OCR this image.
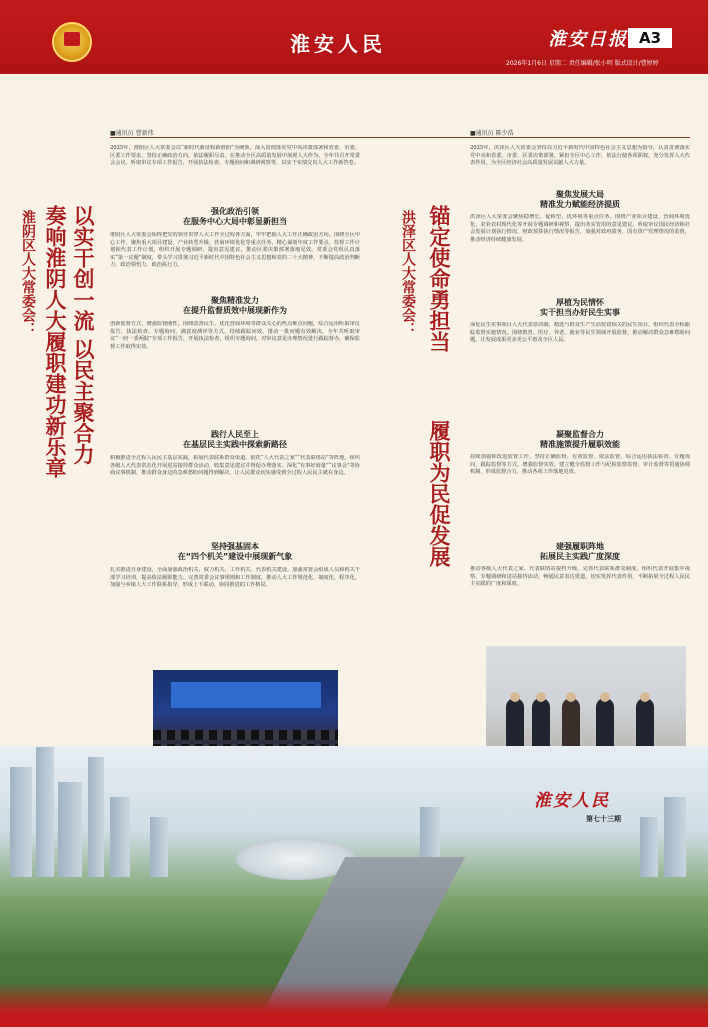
淮安人民	淮安日报 A3
2026年1月6日 星期二 责任编辑/张小明 版式设计/曹婷婷
■通讯员 曹新伟
淮阴区人大常委会： 奏响淮阴人大履职建功新乐章 以实干创一流 以民主聚合力
2025年，淮阴区人大常委会以“新时代新征程新淮阴”为统领，深入贯彻落实党中央决策部署和省委、市委、区委工作要求，坚持正确政治方向，依法履职尽责，在推动全区高质量发展中展现人大作为。全年共召开常委会会议，听取审议专项工作报告，开展执法检查、专题询问和调研视察等，以实干实绩交出人大工作新答卷。
强化政治引领
在服务中心大局中彰显新担当
淮阴区人大常委会始终把党的领导贯穿人大工作全过程各方面，牢牢把握人大工作正确政治方向。围绕全区中心工作，聚焦重大项目建设、产业转型升级、营商环境优化等重点任务，精心谋划年度工作要点、监督工作计划和代表工作计划，组织开展专题调研，提出意见建议，推动区委决策部署落地见效。常委会党组认真落实“第一议题”制度，带头学习贯彻习近平新时代中国特色社会主义思想和党的二十大精神，不断提高政治判断力、政治领悟力、政治执行力。
聚焦精准发力
在提升监督质效中展现新作为
创新监督方式，增强监督刚性。围绕改善民生、优化营商环境等群众关心的热点难点问题，综合运用听取审议报告、执法检查、专题询问、满意度测评等方式，持续跟踪问效，推动一批问题有效解决。全年共听取审议“一府一委两院”专项工作报告，开展执法检查，组织专题询问，对审议意见办理情况进行跟踪督办，确保监督工作取得实效。
践行人民至上
在基层民主实践中探索新路径
积极推进全过程人民民主基层实践，拓展代表联系群众渠道。依托“人大代表之家”“代表联络站”等阵地，组织各级人大代表常态化开展进站接待群众活动，收集意见建议并督促办理落实。深化“有事好商量”“议事会”等协商议事机制，推动群众身边的急难愁盼问题得到解决，让人民群众切实感受到全过程人民民主就在身边。
坚持强基固本
在“四个机关”建设中展现新气象
扎实推进自身建设，全面加强政治机关、权力机关、工作机关、代表机关建设。加强常委会组成人员和机关干部学习培训，提高依法履职能力。完善常委会议事规则和工作制度，推动人大工作规范化、制度化、程序化。加强与乡镇人大工作联系指导，形成上下联动、协同推进的工作格局。
■通讯员 陈少浩
洪泽区人大常委会： 锚定使命勇担当
履职为民促发展
2025年，洪泽区人大常委会坚持以习近平新时代中国特色社会主义思想为指导，认真贯彻落实党中央和省委、市委、区委决策部署，紧扣全区中心工作，依法行使各项职权，充分发挥人大代表作用，为全区经济社会高质量发展贡献人大力量。
聚焦发展大局
精准发力赋能经济提质
洪泽区人大常委会聚焦稳增长、促转型、优环境等重点任务，围绕产业项目建设、营商环境优化、农业农村现代化等开展专题调研和视察，提出务实管用的意见建议。听取审议国民经济和社会发展计划执行情况、财政预算执行情况等报告，加强对政府债务、国有资产管理情况的监督，推动经济持续健康发展。
厚植为民情怀
实干担当办好民生实事
深化民生实事项目人大代表票决制，精选与群众生产生活密切相关的民生项目，组织代表全程跟踪监督实施情况。围绕教育、医疗、养老、就业等民生领域开展监督，推动解决群众急难愁盼问题，让发展成果更多更公平惠及全区人民。
凝聚监督合力
精准施策提升履职效能
持续加强和改进监督工作，坚持正确监督、有效监督、依法监督。综合运用执法检查、专题询问、跟踪监督等方式，增强监督实效。建立健全监督工作与纪检监察监督、审计监督等贯通协调机制，形成监督合力，推动各项工作落地见效。
建强履职阵地
拓展民主实践广度深度
推动各级人大代表之家、代表联络站提档升级，完善代表联系群众制度。组织代表开展集中视察、专题调研和进站接待活动，畅通民意表达渠道，切实发挥代表作用，不断拓展全过程人民民主实践的广度和深度。
淮安人民
第七十三期
